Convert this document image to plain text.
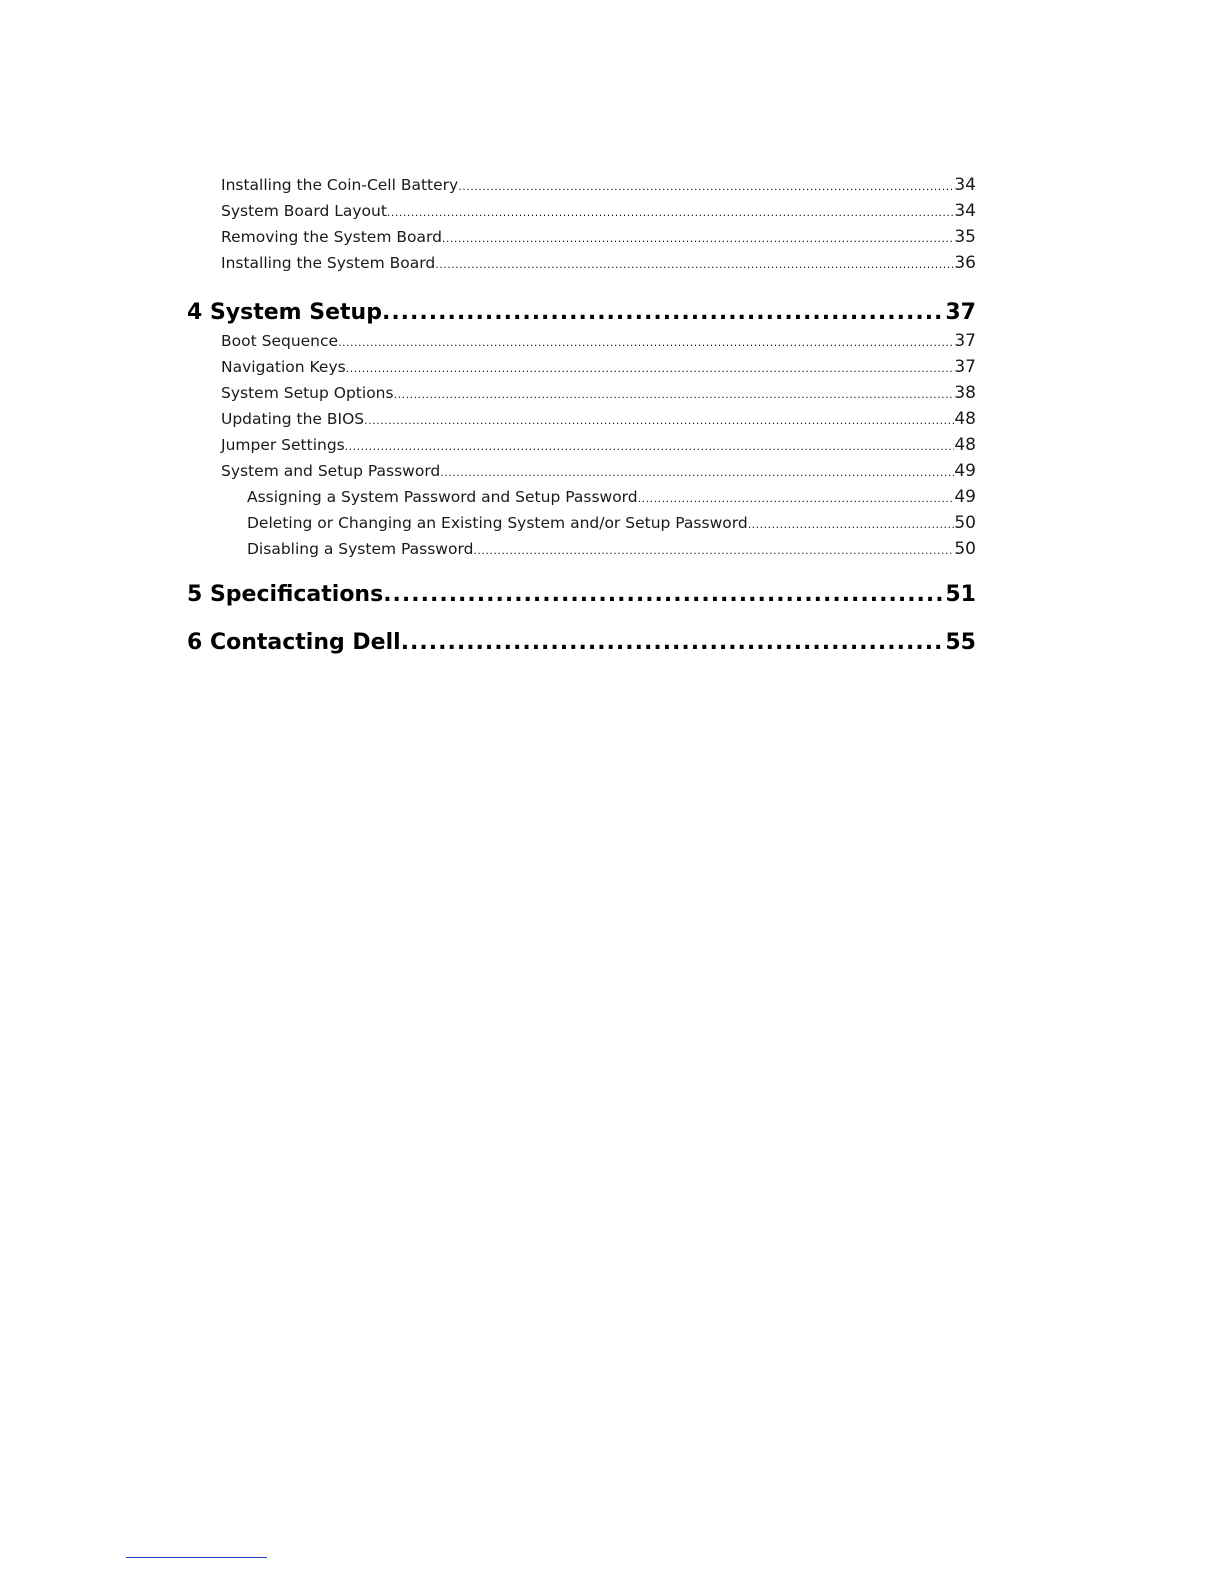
Installing the Coin-Cell Battery .....	34
System Board Layout .....	34
Removing the System Board .....	35
Installing the System Board .....	36
4 System Setup .....	37
Boot Sequence .....	37
Navigation Keys .....	37
System Setup Options .....	38
Updating the BIOS .....	48
Jumper Settings .....	48
System and Setup Password .....	49
Assigning a System Password and Setup Password .....	49
Deleting or Changing an Existing System and/or Setup Password .....	50
Disabling a System Password .....	50
5 Specifications .....	51
6 Contacting Dell .....	55
